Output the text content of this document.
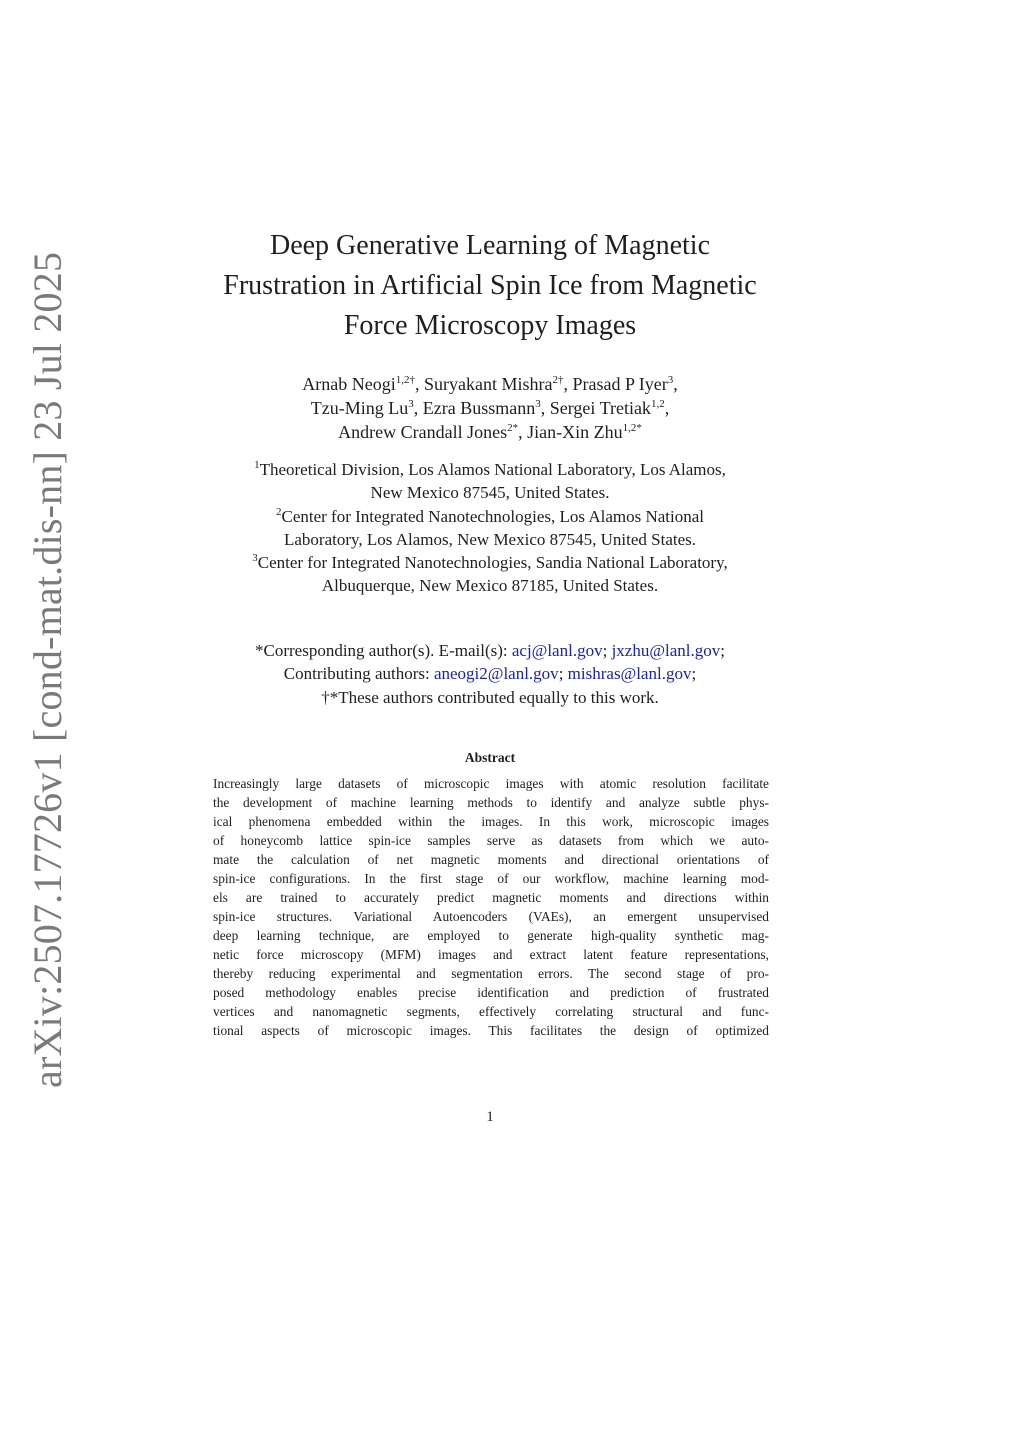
arXiv:2507.17726v1 [cond-mat.dis-nn] 23 Jul 2025
Deep Generative Learning of Magnetic
Frustration in Artificial Spin Ice from Magnetic
Force Microscopy Images
Arnab Neogi$^{1,2\dagger}$, Suryakant Mishra$^{2\dagger}$, Prasad P Iyer$^3$,
Tzu-Ming Lu$^3$, Ezra Bussmann$^3$, Sergei Tretiak$^{1,2}$,
Andrew Crandall Jones$^{2*}$, Jian-Xin Zhu$^{1,2*}$
$^1$Theoretical Division, Los Alamos National Laboratory, Los Alamos,
New Mexico 87545, United States.
$^2$Center for Integrated Nanotechnologies, Los Alamos National
Laboratory, Los Alamos, New Mexico 87545, United States.
$^3$Center for Integrated Nanotechnologies, Sandia National Laboratory,
Albuquerque, New Mexico 87185, United States.
*Corresponding author(s). E-mail(s): acj@lanl.gov; jxzhu@lanl.gov;
Contributing authors: aneogi2@lanl.gov; mishras@lanl.gov;
†*These authors contributed equally to this work.
Abstract
Increasingly large datasets of microscopic images with atomic resolution facilitate
the development of machine learning methods to identify and analyze subtle phys-
ical phenomena embedded within the images. In this work, microscopic images
of honeycomb lattice spin-ice samples serve as datasets from which we auto-
mate the calculation of net magnetic moments and directional orientations of
spin-ice configurations. In the first stage of our workflow, machine learning mod-
els are trained to accurately predict magnetic moments and directions within
spin-ice structures. Variational Autoencoders (VAEs), an emergent unsupervised
deep learning technique, are employed to generate high-quality synthetic mag-
netic force microscopy (MFM) images and extract latent feature representations,
thereby reducing experimental and segmentation errors. The second stage of pro-
posed methodology enables precise identification and prediction of frustrated
vertices and nanomagnetic segments, effectively correlating structural and func-
tional aspects of microscopic images. This facilitates the design of optimized
1
